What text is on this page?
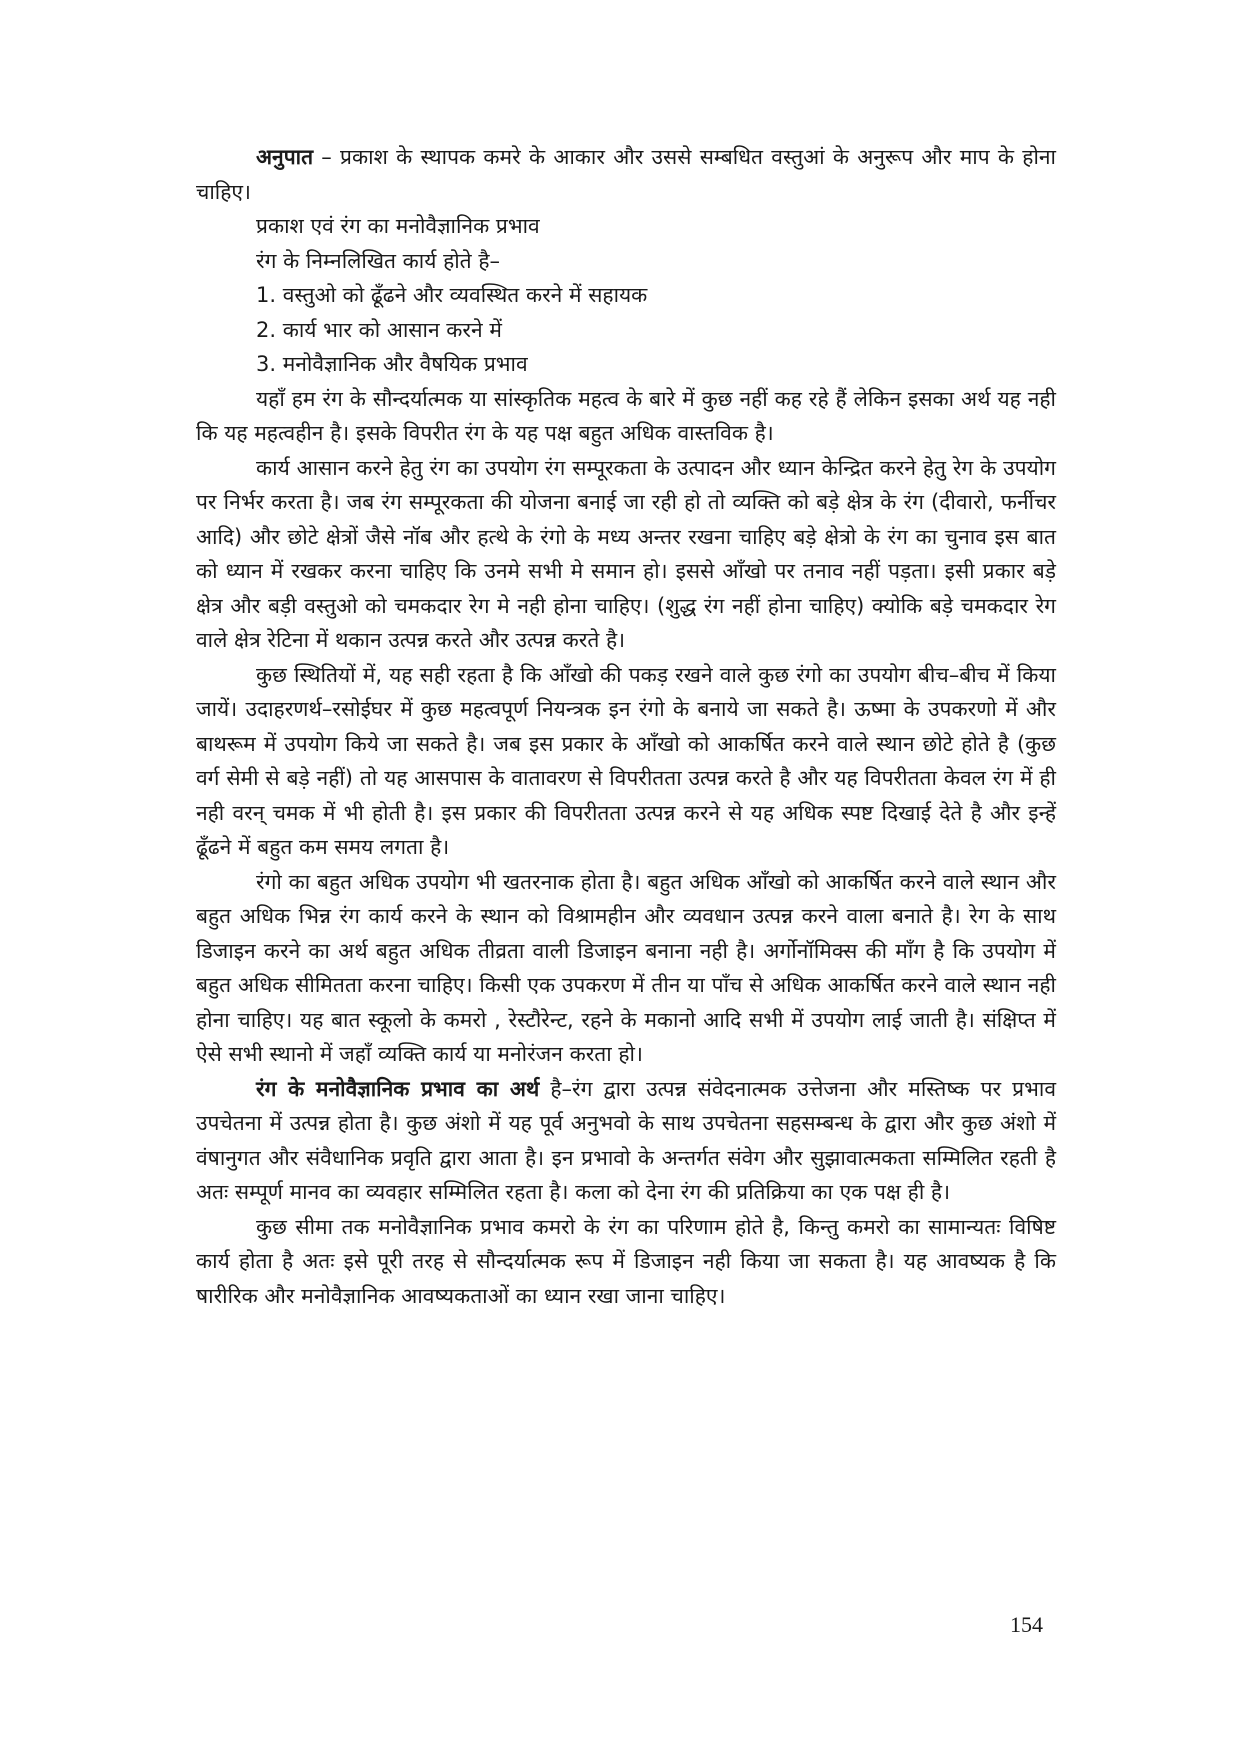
अनुपात – प्रकाश के स्थापक कमरे के आकार और उससे सम्बधित वस्तुआं के अनुरूप और माप के होना चाहिए।

प्रकाश एवं रंग का मनोवैज्ञानिक प्रभाव

रंग के निम्नलिखित कार्य होते है–

1. वस्तुओ को ढूँढने और व्यवस्थित करने में सहायक

2. कार्य भार को आसान करने में

3. मनोवैज्ञानिक और वैषयिक प्रभाव

यहाँ हम रंग के सौन्दर्यात्मक या सांस्कृतिक महत्व के बारे में कुछ नहीं कह रहे हैं लेकिन इसका अर्थ यह नही कि यह महत्वहीन है। इसके विपरीत रंग के यह पक्ष बहुत अधिक वास्तविक है।

कार्य आसान करने हेतु रंग का उपयोग रंग सम्पूरकता के उत्पादन और ध्यान केन्द्रित करने हेतु रेग के उपयोग पर निर्भर करता है। जब रंग सम्पूरकता की योजना बनाई जा रही हो तो व्यक्ति को बड़े क्षेत्र के रंग (दीवारो, फर्नीचर आदि) और छोटे क्षेत्रों जैसे नॉब और हत्थे के रंगो के मध्य अन्तर रखना चाहिए बड़े क्षेत्रो के रंग का चुनाव इस बात को ध्यान में रखकर करना चाहिए कि उनमे सभी मे समान हो। इससे आँखो पर तनाव नहीं पड़ता। इसी प्रकार बड़े क्षेत्र और बड़ी वस्तुओ को चमकदार रेग मे नही होना चाहिए। (शुद्ध रंग नहीं होना चाहिए) क्योकि बड़े चमकदार रेग वाले क्षेत्र रेटिना में थकान उत्पन्न करते और उत्पन्न करते है।

कुछ स्थितियों में, यह सही रहता है कि आँखो की पकड़ रखने वाले कुछ रंगो का उपयोग बीच–बीच में किया जायें। उदाहरणर्थ–रसोईघर में कुछ महत्वपूर्ण नियन्त्रक इन रंगो के बनाये जा सकते है। ऊष्मा के उपकरणो में और बाथरूम में उपयोग किये जा सकते है। जब इस प्रकार के आँखो को आकर्षित करने वाले स्थान छोटे होते है (कुछ वर्ग सेमी से बड़े नहीं) तो यह आसपास के वातावरण से विपरीतता उत्पन्न करते है और यह विपरीतता केवल रंग में ही नही वरन् चमक में भी होती है। इस प्रकार की विपरीतता उत्पन्न करने से यह अधिक स्पष्ट दिखाई देते है और इन्हें ढूँढने में बहुत कम समय लगता है।

रंगो का बहुत अधिक उपयोग भी खतरनाक होता है। बहुत अधिक आँखो को आकर्षित करने वाले स्थान और बहुत अधिक भिन्न रंग कार्य करने के स्थान को विश्रामहीन और व्यवधान उत्पन्न करने वाला बनाते है। रेग के साथ डिजाइन करने का अर्थ बहुत अधिक तीव्रता वाली डिजाइन बनाना नही है। अर्गोनॉमिक्स की माँग है कि उपयोग में बहुत अधिक सीमितता करना चाहिए। किसी एक उपकरण में तीन या पाँच से अधिक आकर्षित करने वाले स्थान नही होना चाहिए। यह बात स्कूलो के कमरो , रेस्टौरेन्ट, रहने के मकानो आदि सभी में उपयोग लाई जाती है। संक्षिप्त में ऐसे सभी स्थानो में जहाँ व्यक्ति कार्य या मनोरंजन करता हो।

रंग के मनोवैज्ञानिक प्रभाव का अर्थ है–रंग द्वारा उत्पन्न संवेदनात्मक उत्तेजना और मस्तिष्क पर प्रभाव उपचेतना में उत्पन्न होता है। कुछ अंशो में यह पूर्व अनुभवो के साथ उपचेतना सहसम्बन्ध के द्वारा और कुछ अंशो में वंषानुगत और संवैधानिक प्रवृति द्वारा आता है। इन प्रभावो के अन्तर्गत संवेग और सुझावात्मकता सम्मिलित रहती है अतः सम्पूर्ण मानव का व्यवहार सम्मिलित रहता है। कला को देना रंग की प्रतिक्रिया का एक पक्ष ही है।

कुछ सीमा तक मनोवैज्ञानिक प्रभाव कमरो के रंग का परिणाम होते है, किन्तु कमरो का सामान्यतः विषिष्ट कार्य होता है अतः इसे पूरी तरह से सौन्दर्यात्मक रूप में डिजाइन नही किया जा सकता है। यह आवष्यक है कि षारीरिक और मनोवैज्ञानिक आवष्यकताओं का ध्यान रखा जाना चाहिए।

154
